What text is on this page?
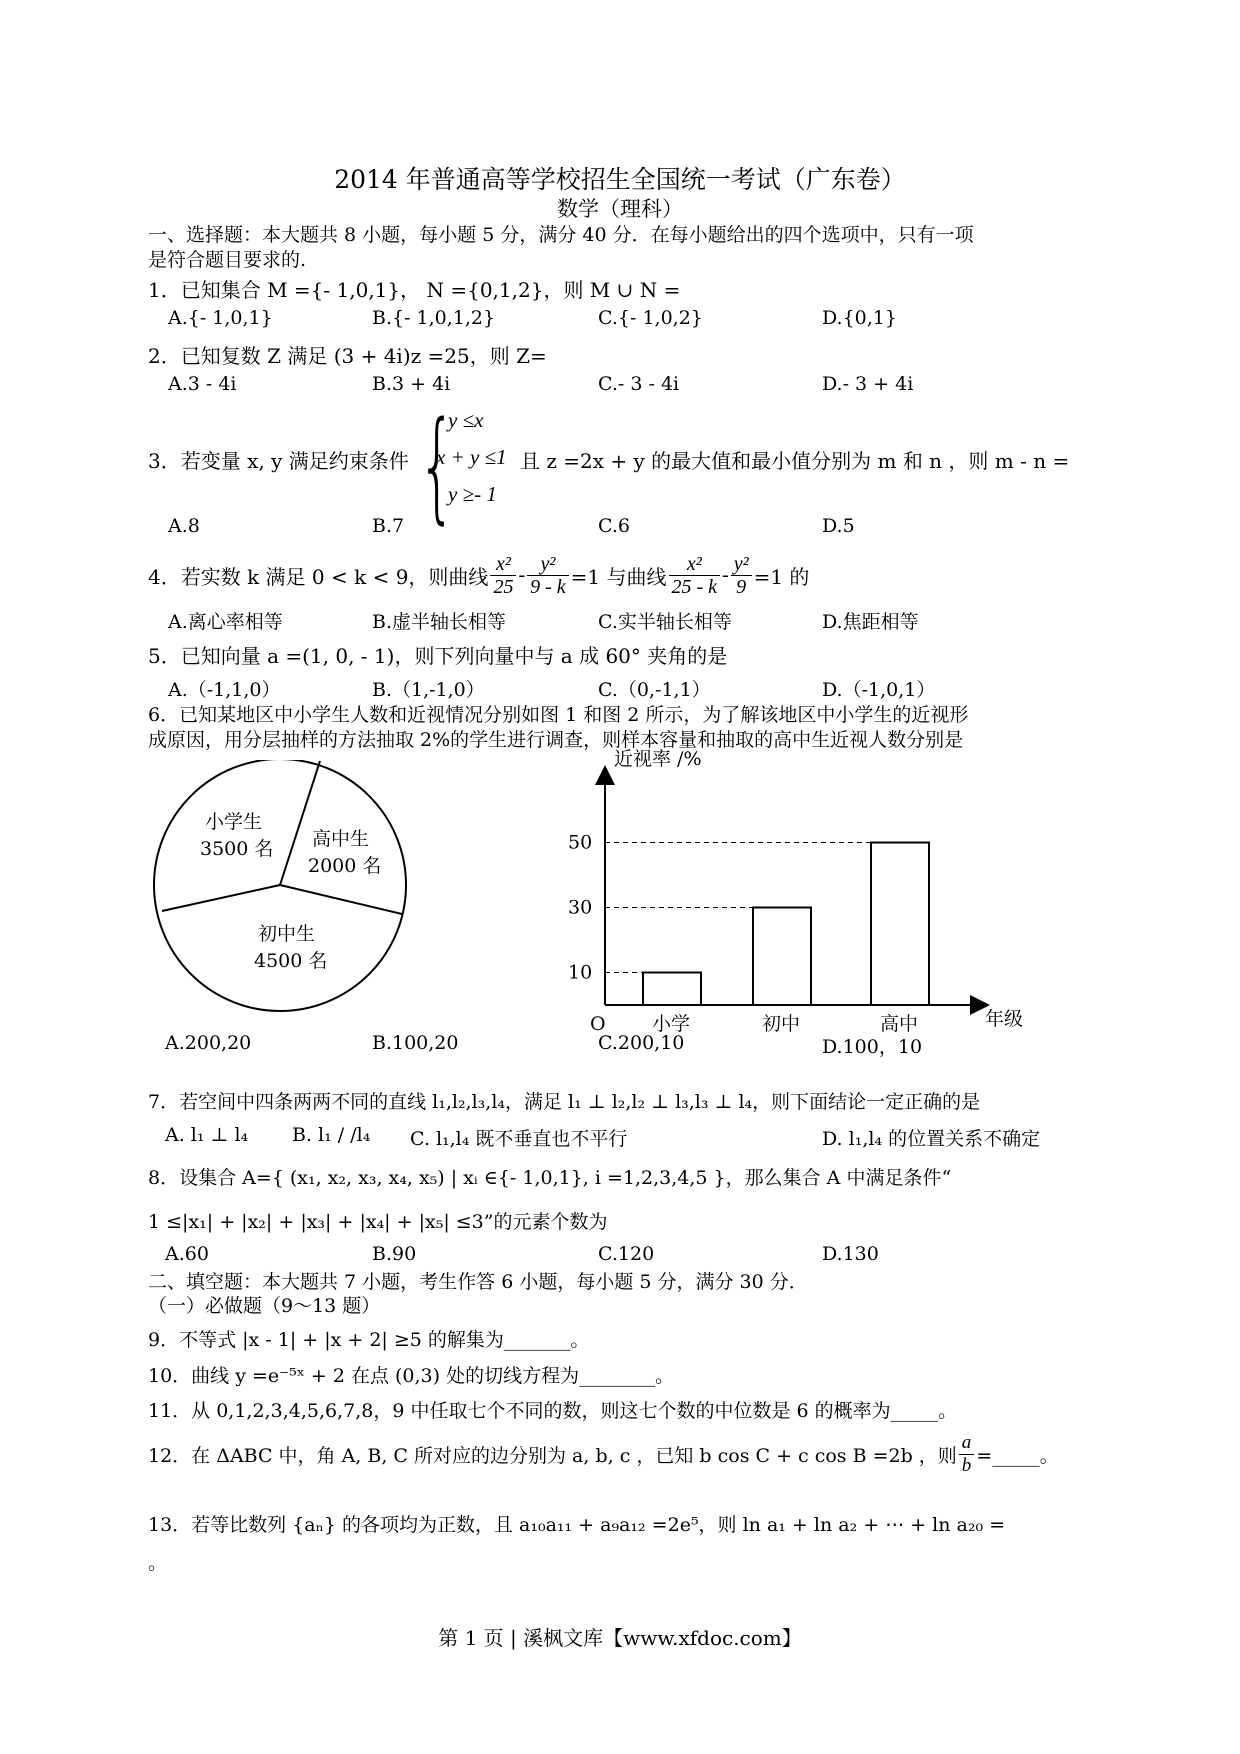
2014 年普通高等学校招生全国统一考试（广东卷）
数学（理科）
一、选择题：本大题共 8 小题，每小题 5 分，满分 40 分．在每小题给出的四个选项中，只有一项
是符合题目要求的.
1．已知集合 M ={- 1,0,1}， N ={0,1,2}，则 M ∪ N =
A.{- 1,0,1}	B.{- 1,0,1,2}	C.{- 1,0,2}	D.{0,1}
2．已知复数 Z 满足 (3 + 4i)z =25，则 Z=
A.3 - 4i	B.3 + 4i	C.- 3 - 4i	D.- 3 + 4i
3．若变量 x, y 满足约束条件 {
y ≤x
x + y ≤1
y ≥- 1
且 z =2x + y 的最大值和最小值分别为 m 和 n ，则 m - n =
A.8	B.7	C.6	D.5
4．若实数 k 满足 0 < k < 9，则曲线 $\frac{\text{x²}}{25} - \frac{\text{y²}}{9 - k} =1$ 与曲线 $\frac{\text{x²}}{25 - k} - \frac{\text{y²}}{9} =1$ 的
A.离心率相等	B.虚半轴长相等	C.实半轴长相等	D.焦距相等
5．已知向量 a =(1, 0, - 1)，则下列向量中与 a 成 60° 夹角的是
A.（-1,1,0）	B.（1,-1,0）	C.（0,-1,1）	D.（-1,0,1）
6．已知某地区中小学生人数和近视情况分别如图 1 和图 2 所示，为了解该地区中小学生的近视形
成原因，用分层抽样的方法抽取 2%的学生进行调查，则样本容量和抽取的高中生近视人数分别是
小学生
3500 名 高中生
2000 名
初中生
4500 名
近视率 /%
年级
O
10
小学
30
初中
50
高中
A.200,20	B.100,20	C.200,10	D.100，10
7．若空间中四条两两不同的直线 l₁,l₂,l₃,l₄，满足 l₁ ⊥ l₂,l₂ ⊥ l₃,l₃ ⊥ l₄，则下面结论一定正确的是
A. l₁ ⊥ l₄ B. l₁ / /l₄ C. l₁,l₄ 既不垂直也不平行	D. l₁,l₄ 的位置关系不确定
8．设集合 A={ (x₁, x₂, x₃, x₄, x₅) | xᵢ ∈{- 1,0,1}, i =1,2,3,4,5 }，那么集合 A 中满足条件“
1 ≤|x₁| + |x₂| + |x₃| + |x₄| + |x₅| ≤3”的元素个数为
A.60	B.90	C.120	D.130
二、填空题：本大题共 7 小题，考生作答 6 小题，每小题 5 分，满分 30 分．
（一）必做题（9～13 题）
9．不等式 |x - 1| + |x + 2| ≥5 的解集为_______。
10．曲线 y =e⁻⁵ˣ + 2 在点 (0,3) 处的切线方程为________。
11．从 0,1,2,3,4,5,6,7,8，9 中任取七个不同的数，则这七个数的中位数是 6 的概率为_____。
12．在 ΔABC 中，角 A, B, C 所对应的边分别为 a, b, c ，已知 b cos C + c cos B =2b ，则 $\frac{a}{b}$ =_____。
13．若等比数列 {aₙ} 的各项均为正数，且 a₁₀a₁₁ + a₉a₁₂ =2e⁵，则 ln a₁ + ln a₂ + ⋯ + ln a₂₀ =
。
第 1 页 | 溪枫文库【www.xfdoc.com】
